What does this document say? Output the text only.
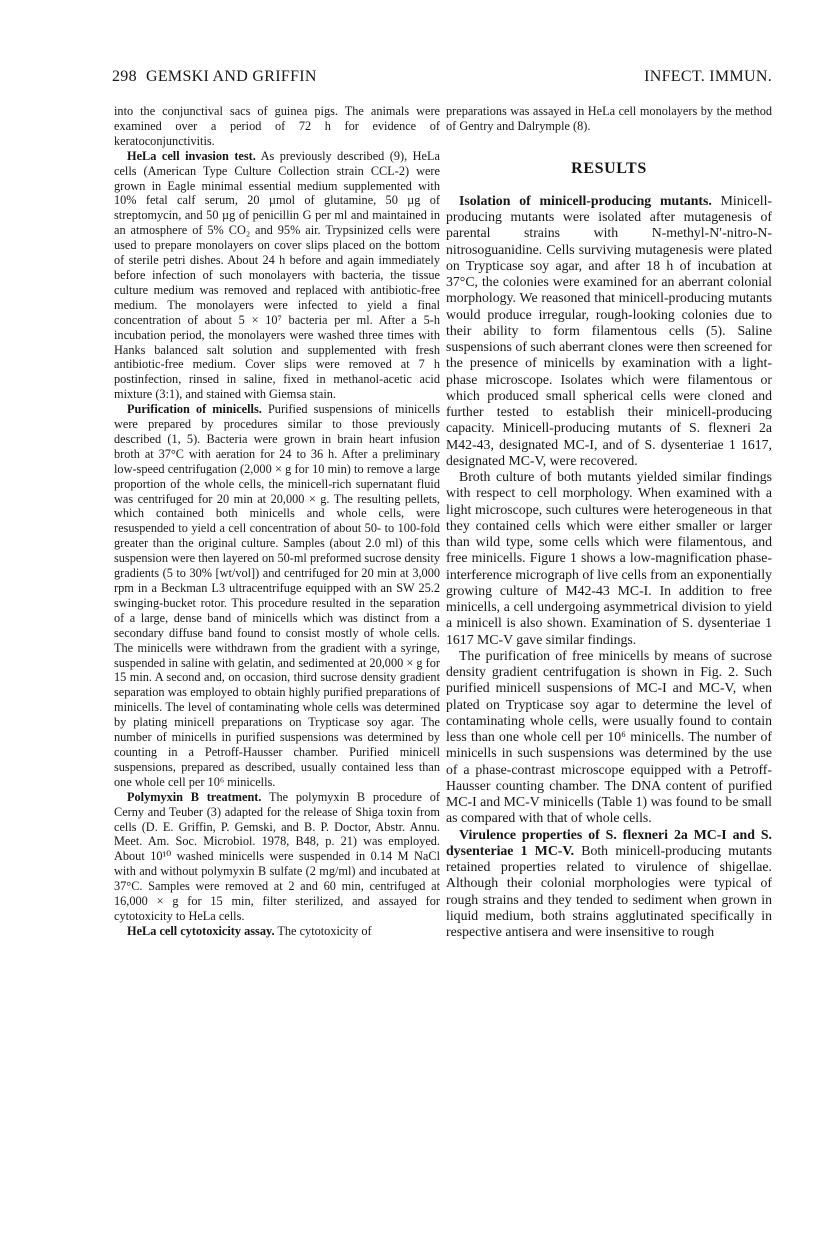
298 GEMSKI AND GRIFFIN	INFECT. IMMUN.

into the conjunctival sacs of guinea pigs. The animals were examined over a period of 72 h for evidence of keratoconjunctivitis.

HeLa cell invasion test. As previously described (9), HeLa cells (American Type Culture Collection strain CCL-2) were grown in Eagle minimal essential medium supplemented with 10% fetal calf serum, 20 µmol of glutamine, 50 µg of streptomycin, and 50 µg of penicillin G per ml and maintained in an atmosphere of 5% CO₂ and 95% air. Trypsinized cells were used to prepare monolayers on cover slips placed on the bottom of sterile petri dishes. About 24 h before and again immediately before infection of such monolayers with bacteria, the tissue culture medium was removed and replaced with antibiotic-free medium. The monolayers were infected to yield a final concentration of about 5 × 10⁷ bacteria per ml. After a 5-h incubation period, the monolayers were washed three times with Hanks balanced salt solution and supplemented with fresh antibiotic-free medium. Cover slips were removed at 7 h postinfection, rinsed in saline, fixed in methanol-acetic acid mixture (3:1), and stained with Giemsa stain.

Purification of minicells. Purified suspensions of minicells were prepared by procedures similar to those previously described (1, 5). Bacteria were grown in brain heart infusion broth at 37°C with aeration for 24 to 36 h. After a preliminary low-speed centrifugation (2,000 × g for 10 min) to remove a large proportion of the whole cells, the minicell-rich supernatant fluid was centrifuged for 20 min at 20,000 × g. The resulting pellets, which contained both minicells and whole cells, were resuspended to yield a cell concentration of about 50- to 100-fold greater than the original culture. Samples (about 2.0 ml) of this suspension were then layered on 50-ml preformed sucrose density gradients (5 to 30% [wt/vol]) and centrifuged for 20 min at 3,000 rpm in a Beckman L3 ultracentrifuge equipped with an SW 25.2 swinging-bucket rotor. This procedure resulted in the separation of a large, dense band of minicells which was distinct from a secondary diffuse band found to consist mostly of whole cells. The minicells were withdrawn from the gradient with a syringe, suspended in saline with gelatin, and sedimented at 20,000 × g for 15 min. A second and, on occasion, third sucrose density gradient separation was employed to obtain highly purified preparations of minicells. The level of contaminating whole cells was determined by plating minicell preparations on Trypticase soy agar. The number of minicells in purified suspensions was determined by counting in a Petroff-Hausser chamber. Purified minicell suspensions, prepared as described, usually contained less than one whole cell per 10⁶ minicells.

Polymyxin B treatment. The polymyxin B procedure of Cerny and Teuber (3) adapted for the release of Shiga toxin from cells (D. E. Griffin, P. Gemski, and B. P. Doctor, Abstr. Annu. Meet. Am. Soc. Microbiol. 1978, B48, p. 21) was employed. About 10¹⁰ washed minicells were suspended in 0.14 M NaCl with and without polymyxin B sulfate (2 mg/ml) and incubated at 37°C. Samples were removed at 2 and 60 min, centrifuged at 16,000 × g for 15 min, filter sterilized, and assayed for cytotoxicity to HeLa cells.

HeLa cell cytotoxicity assay. The cytotoxicity of

preparations was assayed in HeLa cell monolayers by the method of Gentry and Dalrymple (8).

RESULTS

Isolation of minicell-producing mutants. Minicell-producing mutants were isolated after mutagenesis of parental strains with N-methyl-N′-nitro-N-nitrosoguanidine. Cells surviving mutagenesis were plated on Trypticase soy agar, and after 18 h of incubation at 37°C, the colonies were examined for an aberrant colonial morphology. We reasoned that minicell-producing mutants would produce irregular, rough-looking colonies due to their ability to form filamentous cells (5). Saline suspensions of such aberrant clones were then screened for the presence of minicells by examination with a light-phase microscope. Isolates which were filamentous or which produced small spherical cells were cloned and further tested to establish their minicell-producing capacity. Minicell-producing mutants of S. flexneri 2a M42-43, designated MC-I, and of S. dysenteriae 1 1617, designated MC-V, were recovered.

Broth culture of both mutants yielded similar findings with respect to cell morphology. When examined with a light microscope, such cultures were heterogeneous in that they contained cells which were either smaller or larger than wild type, some cells which were filamentous, and free minicells. Figure 1 shows a low-magnification phase-interference micrograph of live cells from an exponentially growing culture of M42-43 MC-I. In addition to free minicells, a cell undergoing asymmetrical division to yield a minicell is also shown. Examination of S. dysenteriae 1 1617 MC-V gave similar findings.

The purification of free minicells by means of sucrose density gradient centrifugation is shown in Fig. 2. Such purified minicell suspensions of MC-I and MC-V, when plated on Trypticase soy agar to determine the level of contaminating whole cells, were usually found to contain less than one whole cell per 10⁶ minicells. The number of minicells in such suspensions was determined by the use of a phase-contrast microscope equipped with a Petroff-Hausser counting chamber. The DNA content of purified MC-I and MC-V minicells (Table 1) was found to be small as compared with that of whole cells.

Virulence properties of S. flexneri 2a MC-I and S. dysenteriae 1 MC-V. Both minicell-producing mutants retained properties related to virulence of shigellae. Although their colonial morphologies were typical of rough strains and they tended to sediment when grown in liquid medium, both strains agglutinated specifically in respective antisera and were insensitive to rough
